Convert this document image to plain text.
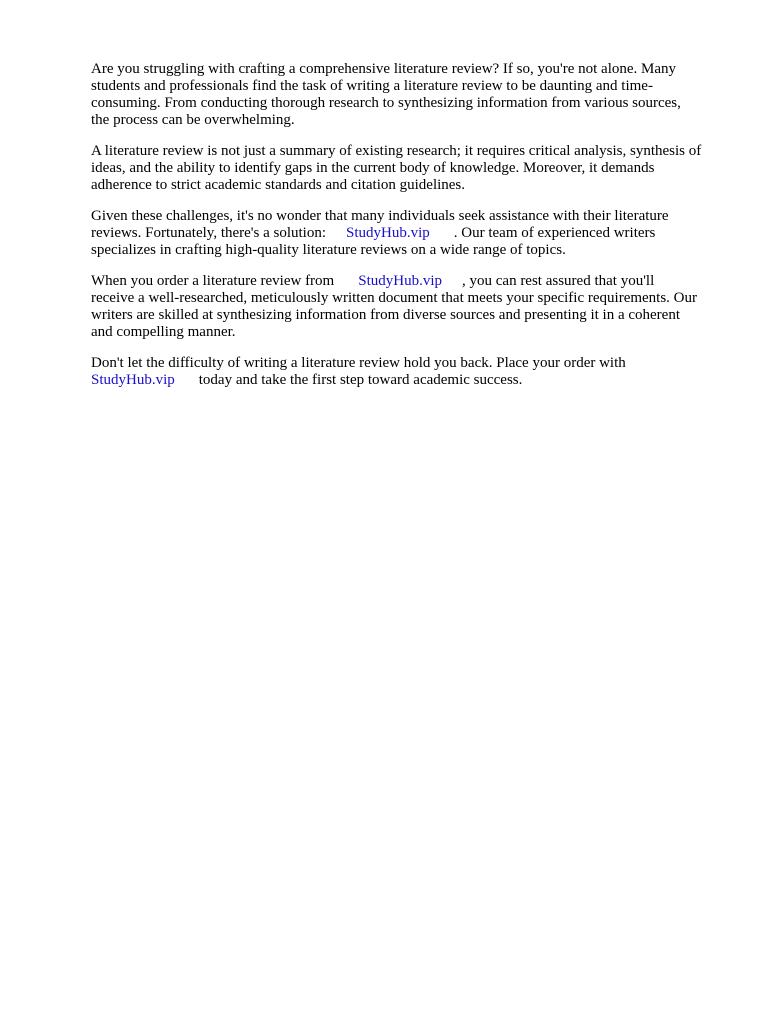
Are you struggling with crafting a comprehensive literature review? If so, you're not alone. Many
students and professionals find the task of writing a literature review to be daunting and time-
consuming. From conducting thorough research to synthesizing information from various sources,
the process can be overwhelming.

A literature review is not just a summary of existing research; it requires critical analysis, synthesis of
ideas, and the ability to identify gaps in the current body of knowledge. Moreover, it demands
adherence to strict academic standards and citation guidelines.

Given these challenges, it's no wonder that many individuals seek assistance with their literature
reviews. Fortunately, there's a solution: StudyHub.vip . Our team of experienced writers
specializes in crafting high-quality literature reviews on a wide range of topics.

When you order a literature review from StudyHub.vip , you can rest assured that you'll
receive a well-researched, meticulously written document that meets your specific requirements. Our
writers are skilled at synthesizing information from diverse sources and presenting it in a coherent
and compelling manner.

Don't let the difficulty of writing a literature review hold you back. Place your order with
StudyHub.vip today and take the first step toward academic success.
